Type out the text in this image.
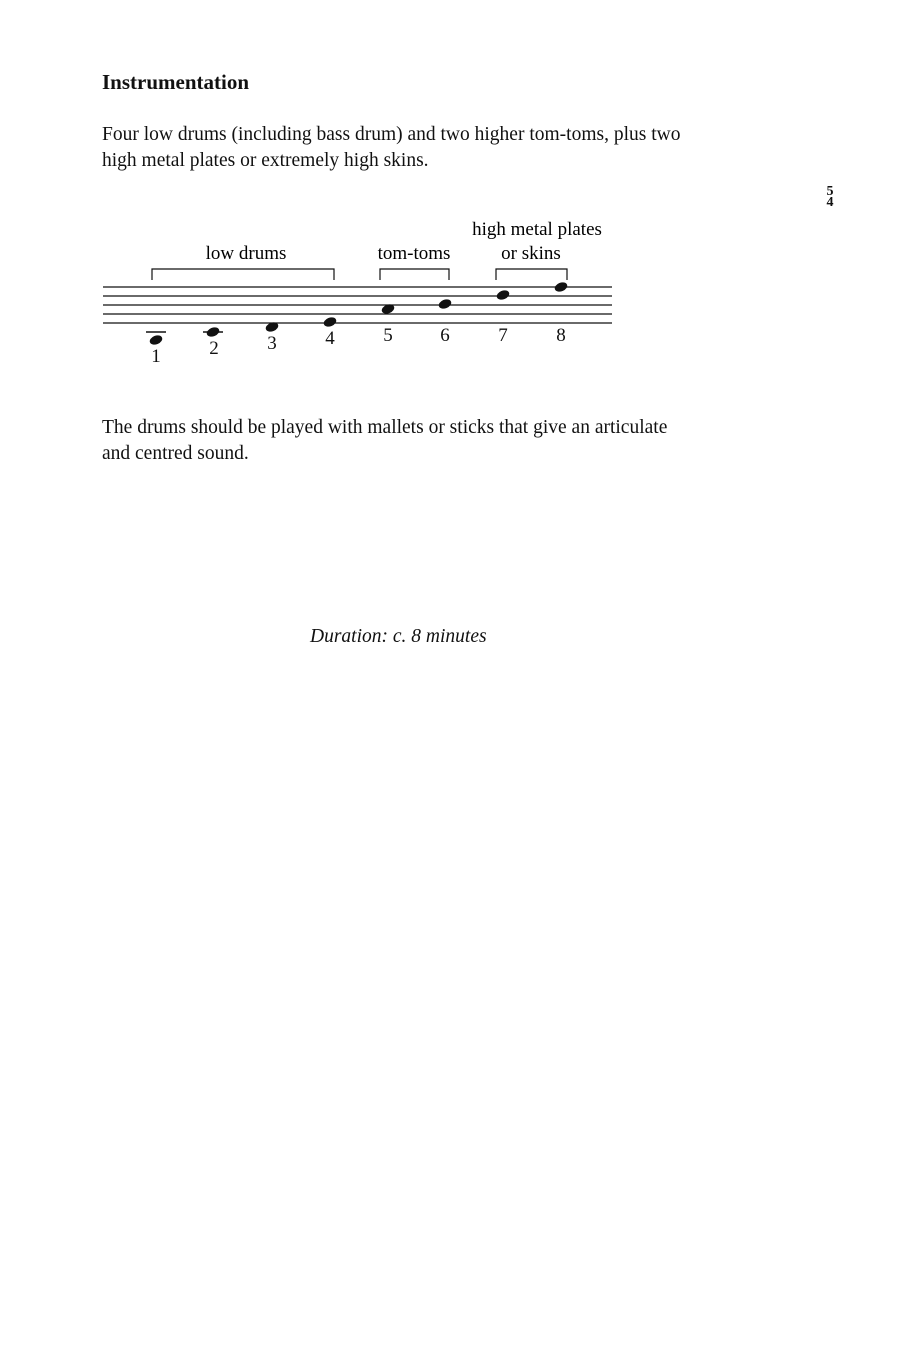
Instrumentation

Four low drums (including bass drum) and two higher tom-toms, plus two
high metal plates or extremely high skins.

5
4
low drums	tom-toms
high metal plates
or skins
1	2	3	4	5	6	7	8

The drums should be played with mallets or sticks that give an articulate
and centred sound.

Duration: c. 8 minutes
